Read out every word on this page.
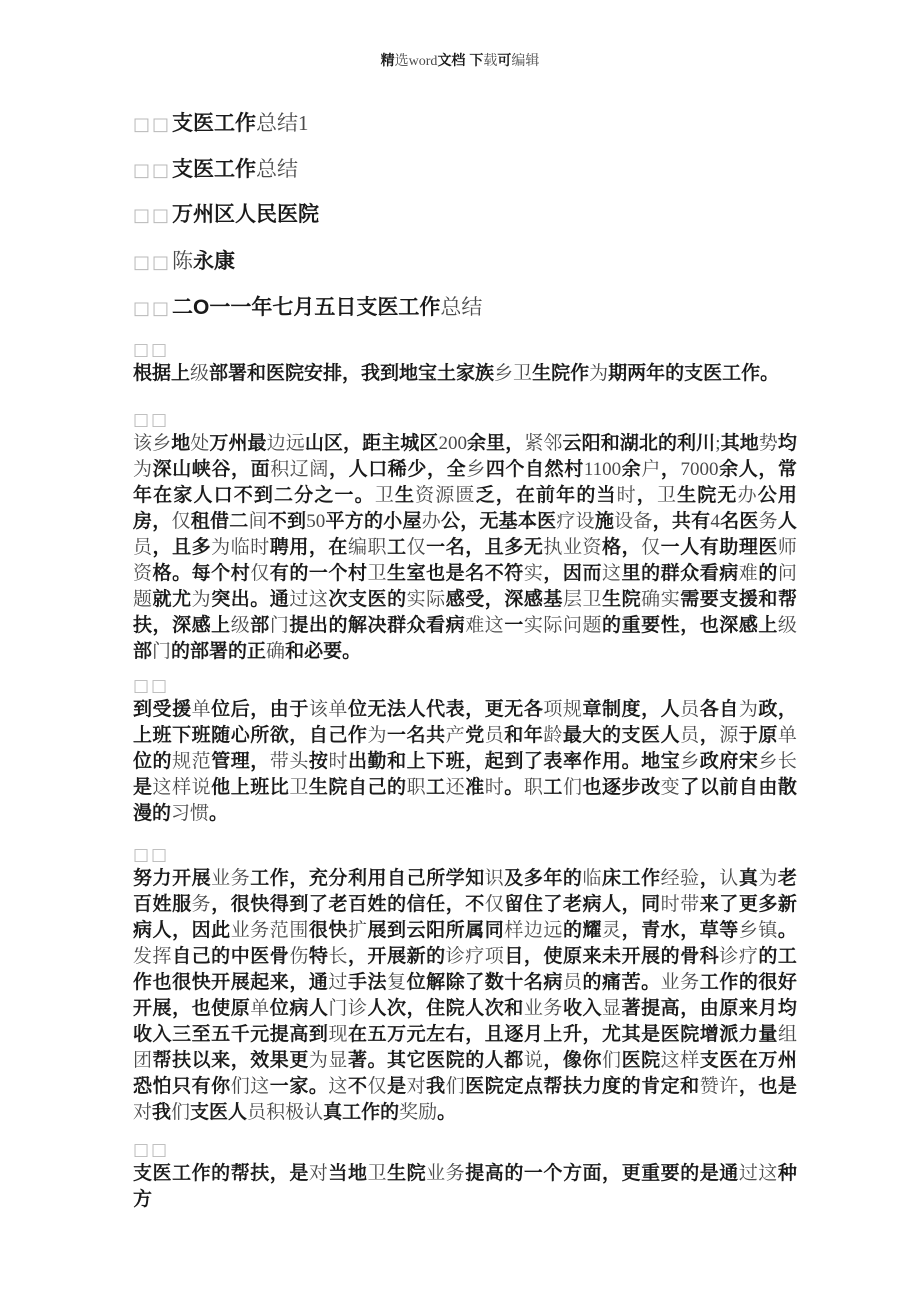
精选word文档 下载可编辑
□□支医工作总结1
□□支医工作总结
□□万州区人民医院
□□陈永康
□□二O一一年七月五日支医工作总结
□□
根据上级部署和医院安排，我到地宝土家族乡卫生院作为期两年的支医工作。
□□
该乡地处万州最边远山区，距主城区200余里，紧邻云阳和湖北的利川;其地势均为深山峡谷，面积辽阔，人口稀少，全乡四个自然村1100余户，7000余人，常年在家人口不到二分之一。卫生资源匮乏，在前年的当时，卫生院无办公用房，仅租借二间不到50平方的小屋办公，无基本医疗设施设备，共有4名医务人员，且多为临时聘用，在编职工仅一名，且多无执业资格，仅一人有助理医师资格。每个村仅有的一个村卫生室也是名不符实，因而这里的群众看病难的问题就尤为突出。通过这次支医的实际感受，深感基层卫生院确实需要支援和帮扶，深感上级部门提出的解决群众看病难这一实际问题的重要性，也深感上级部门的部署的正确和必要。
□□
到受援单位后，由于该单位无法人代表，更无各项规章制度，人员各自为政，上班下班随心所欲，自己作为一名共产党员和年龄最大的支医人员，源于原单位的规范管理，带头按时出勤和上下班，起到了表率作用。地宝乡政府宋乡长是这样说他上班比卫生院自己的职工还准时。职工们也逐步改变了以前自由散漫的习惯。
□□
努力开展业务工作，充分利用自己所学知识及多年的临床工作经验，认真为老百姓服务，很快得到了老百姓的信任，不仅留住了老病人，同时带来了更多新病人，因此业务范围很快扩展到云阳所属同样边远的耀灵，青水，草等乡镇。发挥自己的中医骨伤特长，开展新的诊疗项目，使原来未开展的骨科诊疗的工作也很快开展起来，通过手法复位解除了数十名病员的痛苦。业务工作的很好开展，也使原单位病人门诊人次，住院人次和业务收入显著提高，由原来月均收入三至五千元提高到现在五万元左右，且逐月上升，尤其是医院增派力量组团帮扶以来，效果更为显著。其它医院的人都说，像你们医院这样支医在万州恐怕只有你们这一家。这不仅是对我们医院定点帮扶力度的肯定和赞许，也是对我们支医人员积极认真工作的奖励。
□□
支医工作的帮扶，是对当地卫生院业务提高的一个方面，更重要的是通过这种方
